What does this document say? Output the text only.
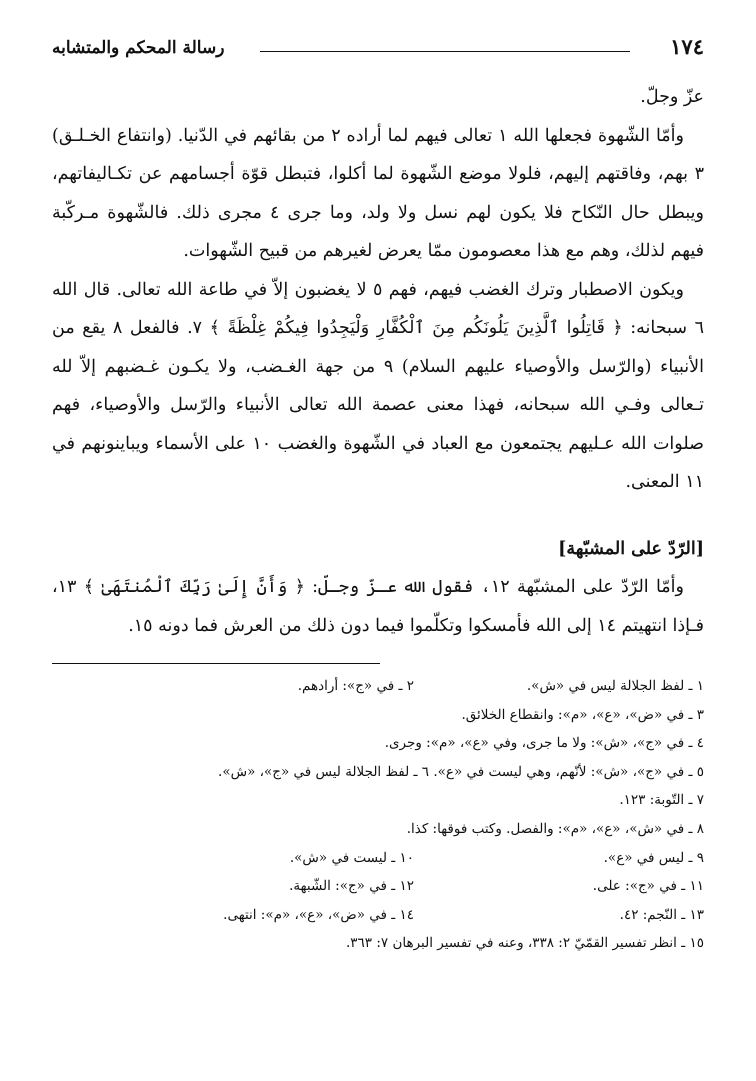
١٧٤
رسالة المحكم والمتشابه

عزّ وجلّ.

وأمّا الشّهوة فجعلها الله ١ تعالى فيهم لما أراده ٢ من بقائهم في الدّنيا. (وانتفاع الخـلـق) ٣ بهم، وفاقتهم إليهم، فلولا موضع الشّهوة لما أكلوا، فتبطل قوّة أجسامهم عن تكـاليفاتهم، ويبطل حال النّكاح فلا يكون لهم نسل ولا ولد، وما جرى ٤ مجرى ذلك. فالشّهوة مـركّبة فيهم لذلك، وهم مع هذا معصومون ممّا يعرض لغيرهم من قبيح الشّهوات.

ويكون الاصطبار وترك الغضب فيهم، فهم ٥ لا يغضبون إلاّ في طاعة الله تعالى. قال الله ٦ سبحانه: ﴿ قَاتِلُوا ٱلَّذِينَ يَلُونَكُم مِنَ ٱلْكُفَّارِ وَلْيَجِدُوا فِيكُمْ غِلْظَةً ﴾ ٧. فالفعل ٨ يقع من الأنبياء (والرّسل والأوصياء عليهم السلام) ٩ من جهة الغـضب، ولا يكـون غـضبهم إلاّ لله تـعالى وفـي الله سبحانه، فهذا معنى عصمة الله تعالى الأنبياء والرّسل والأوصياء، فهم صلوات الله عـليهم يجتمعون مع العباد في الشّهوة والغضب ١٠ على الأسماء ويباينونهم في ١١ المعنى.

[الرّدّ على المشبّهة]

وأمّا الرّدّ على المشبّهة ١٢، فقول الله عـزّ وجـلّ: ﴿ وَأَنَّ إِلَىٰ رَبِّكَ ٱلْمُنتَهَىٰ ﴾ ١٣، فـإذا انتهيتم ١٤ إلى الله فأمسكوا وتكلّموا فيما دون ذلك من العرش فما دونه ١٥.

١ ـ لفظ الجلالة ليس في «ش».
٢ ـ في «ج»: أرادهم.
٣ ـ في «ض»، «ع»، «م»: وانقطاع الخلائق.
٤ ـ في «ج»، «ش»: ولا ما جرى، وفي «ع»، «م»: وجرى.
٥ ـ في «ج»، «ش»: لأنّهم، وهي ليست في «ع». ٦ ـ لفظ الجلالة ليس في «ج»، «ش».
٧ ـ التّوبة: ١٢٣.
٨ ـ في «ش»، «ع»، «م»: والفصل. وكتب فوقها: كذا.
٩ ـ ليس في «ع».
١٠ ـ ليست في «ش».
١١ ـ في «ج»: على.
١٢ ـ في «ج»: الشّبهة.
١٣ ـ النّجم: ٤٢.
١٤ ـ في «ض»، «ع»، «م»: انتهى.
١٥ ـ انظر تفسير القمّيّ ٢: ٣٣٨، وعنه في تفسير البرهان ٧: ٣٦٣.
